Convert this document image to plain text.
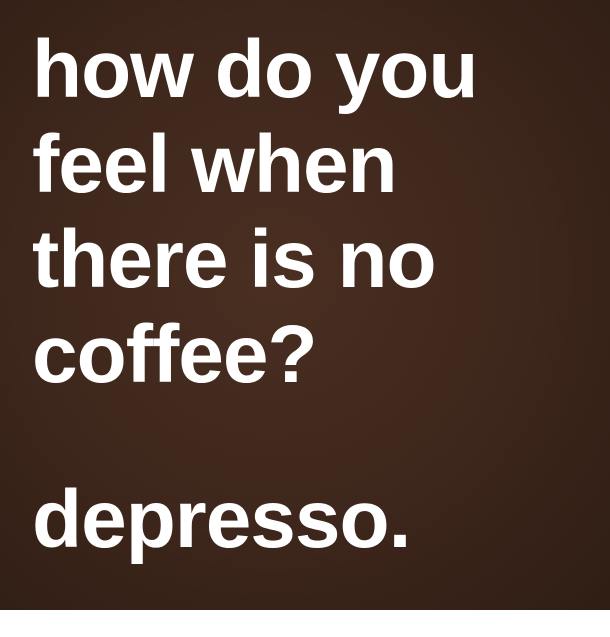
how do you
feel when
there is no
coffee?
depresso.
